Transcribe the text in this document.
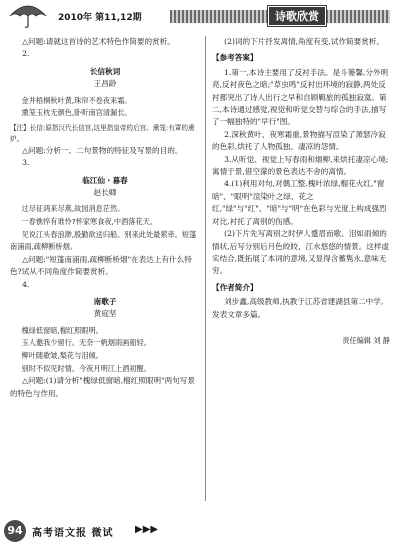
2010年 第11,12期	诗歌欣赏

△问题:请就这首诗的艺术特色作简要的赏析。

2.

长信秋词

王昌龄

金井梧桐秋叶黄,珠帘不卷夜来霜。

熏笼玉枕无颜色,卧听南宫清漏长。

【注】长信:原指汉代长信宫,这里指皇帝的后宫。熏笼:有罩的熏炉。

△问题:分析一、二句景物的特征及写景的目的。

3.

临江仙・暮春

赵长卿

过尽征鸿来尽燕,故园消息茫然。

一春憔悴有谁怜?怀家寒食夜,中酒落花天。

见说江头春浪渺,殷勤欲送归船。别来此处最萦牵。短篷南浦雨,疏柳断桥烟。

△问题:"短篷南浦雨,疏柳断桥烟"在表达上有什么特色?试从不同角度作简要赏析。

4.

南歌子

黄庭坚

槐绿低窗暗,榴红照眼明。

玉人邀我少留行。无奈一帆烟雨画船轻。

柳叶随歌皱,梨花与泪倾。

别时不似见时情。今夜月明江上酒初醒。

△问题:(1)请分析"槐绿低窗暗,榴红照眼明"两句写景的特色与作用。

(2)词的下片抒发离情,角度有变,试作简要赏析。

【参考答案】

1.第一,本诗主要用了反衬手法。是斗篓馨,分外明亮,反衬夜色之暗;"草虫鸣"反衬出环境的寂静,两处反衬都突出了诗人出行之早和自顾羁旅的孤独寂寞。第二,本诗通过感觉,视觉和听觉交替与综合的手法,描写了一幅独特的"早行"图。

2.深秋黄叶、夜寒霜重,景物描写渲染了萧瑟冷寂的色彩,烘托了人物孤独、凄凉的怨情。

3.从听觉、视觉上写春雨和烟柳,来烘托凄凉心境;寓情于景,借空濛的景色表达不舍的离情。

4.(1)利用对句,对偶工整,槐叶浓绿,榴花火红,"窗暗"、"眼明"渲染叶之绿、花之红,"绿"与"红"、"暗"与"明"在色彩与光度上构成强烈对比,衬托了离别的伤感。

(2)下片先写离别之时伊人蹙眉而歌、泪如雨倾的情状,后写分别后月色皎皎、江水悠悠的情景。这样虚实结合,既拓展了本词的意境,又显得含蓄隽永,意味无穷。

【作者简介】

刘步鑫,高级教师,执教于江苏省建湖县第二中学,发表文章多篇。

责任编辑 刘 静

94 高考语文报 微试 ▶▶▶
